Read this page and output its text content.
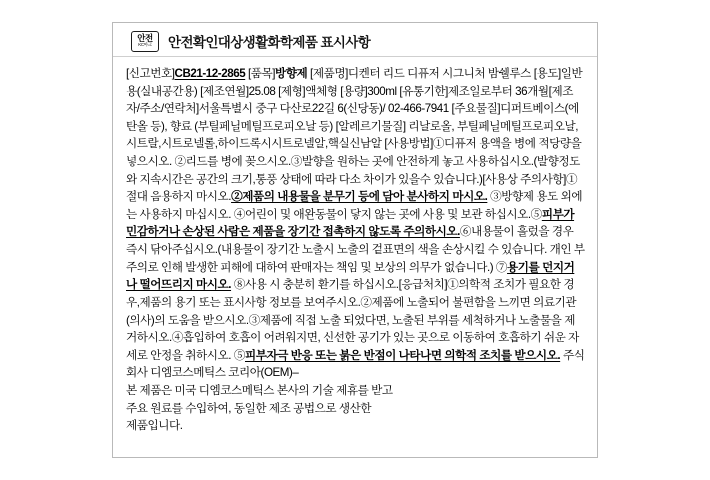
안전
KC마크 안전확인대상생활화학제품 표시사항

[신고번호]CB21-12-2865 [품목]방향제 [제품명]디켄터 리드 디퓨저 시그니처 밤쉘루스 [용도]일반용(실내공간용) [제조연월]25.08 [제형]액체형 [용량]300ml [유통기한]제조일로부터 36개월[제조자/주소/연락처]서울특별시 중구 다산로22길 6(신당동)/ 02-466-7941 [주요물질]디퍼트베이스(에탄올 등), 향료 (부틸페닐메틸프로피오날 등) [알레르기물질] 리날로올, 부틸페닐메틸프로피오날,시트랄,시트로넬롤,하이드록시시트로넬알,핵실신남알 [사용방법]①디퓨저 용액을 병에 적당량을 넣으시오. ②리드를 병에 꽂으시오.③발향을 원하는 곳에 안전하게 놓고 사용하십시오.(발향정도와 지속시간은 공간의 크기,통풍 상태에 따라 다소 차이가 있을수 있습니다.)[사용상 주의사항]①절대 음용하지 마시오.②제품의 내용물을 분무기 등에 담아 분사하지 마시오. ③방향제 용도 외에는 사용하지 마십시오. ④어린이 및 애완동물이 닿지 않는 곳에 사용 및 보관 하십시오.⑤피부가 민감하거나 손상된 사람은 제품을 장기간 접촉하지 않도록 주의하시오.⑥내용물이 흘렀을 경우 즉시 닦아주십시오.(내용물이 장기간 노출시 노출의 겉표면의 색을 손상시킬 수 있습니다. 개인 부주의로 인해 발생한 피해에 대하여 판매자는 책임 및 보상의 의무가 없습니다.) ⑦용기를 던지거나 떨어뜨리지 마시오. ⑧사용 시 충분히 환기를 하십시오.[응급처치]①의학적 조치가 필요한 경우,제품의 용기 또는 표시사항 정보를 보여주시오.②제품에 노출되어 불편함을 느끼면 의료기관(의사)의 도움을 받으시오.③제품에 직접 노출 되었다면, 노출된 부위를 세척하거나 노출물을 제거하시오.④흡입하여 호흡이 어려워지면, 신선한 공기가 있는 곳으로 이동하여 호흡하기 쉬운 자세로 안정을 취하시오. ⑤피부자극 반응 또는 붉은 반점이 나타나면 의학적 조치를 받으시오. 주식회사 디엠코스메틱스 코리아(OEM)–
본 제품은 미국 디엠코스메틱스 본사의 기술 제휴를 받고
주요 원료를 수입하여, 동일한 제조 공법으로 생산한
제품입니다.
